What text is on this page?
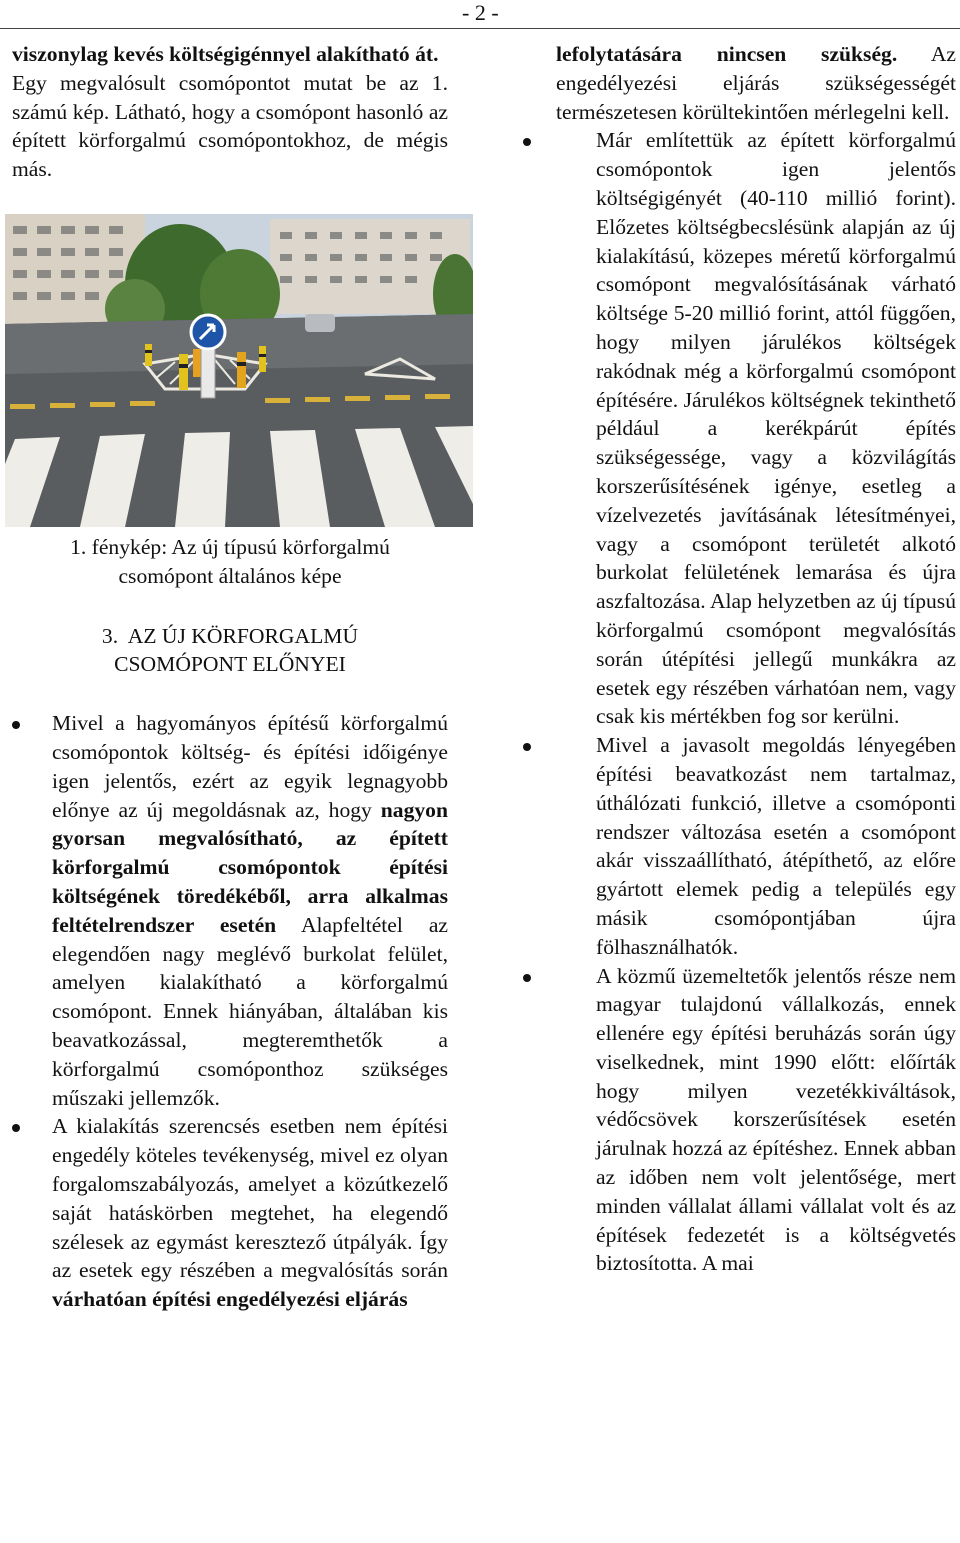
- 2 -

viszonylag kevés költségigénnyel alakítható át.
Egy megvalósult csomópontot mutat be az 1. számú kép. Látható, hogy a csomópont hasonló az épített körforgalmú csomópontokhoz, de mégis más.

1. fénykép: Az új típusú körforgalmú
csomópont általános képe
3.  AZ ÚJ KÖRFORGALMÚ
CSOMÓPONT ELŐNYEI
Mivel a hagyományos építésű körforgalmú csomópontok költség- és építési időigénye igen jelentős, ezért az egyik legnagyobb előnye az új megoldásnak az, hogy nagyon gyorsan megvalósítható, az épített körforgalmú csomópontok építési költségének töredékéből, arra alkalmas feltételrendszer esetén Alapfeltétel az elegendően nagy meglévő burkolat felület, amelyen kialakítható a körforgalmú csomópont. Ennek hiányában, általában kis beavatkozással, megteremthetők a körforgalmú csomóponthoz szükséges műszaki jellemzők.
A kialakítás szerencsés esetben nem építési engedély köteles tevékenység, mivel ez olyan forgalomszabályozás, amelyet a közútkezelő saját hatáskörben megtehet, ha elegendő szélesek az egymást keresztező útpályák. Így az esetek egy részében a megvalósítás során várhatóan építési engedélyezési eljárás

lefolytatására nincsen szükség. Az engedélyezési eljárás szükségességét természetesen körültekintően mérlegelni kell.

Már említettük az épített körforgalmú csomópontok igen jelentős költségigényét (40-110 millió forint). Előzetes költségbecslésünk alapján az új kialakítású, közepes méretű körforgalmú csomópont megvalósításának várható költsége 5-20 millió forint, attól függően, hogy milyen járulékos költségek rakódnak még a körforgalmú csomópont építésére. Járulékos költségnek tekinthető például a kerékpárút építés szükségessége, vagy a közvilágítás korszerűsítésének igénye, esetleg a vízelvezetés javításának létesítményei, vagy a csomópont területét alkotó burkolat felületének lemarása és újra aszfaltozása. Alap helyzetben az új típusú körforgalmú csomópont megvalósítás során útépítési jellegű munkákra az esetek egy részében várhatóan nem, vagy csak kis mértékben fog sor kerülni.
Mivel a javasolt megoldás lényegében építési beavatkozást nem tartalmaz, úthálózati funkció, illetve a csomóponti rendszer változása esetén a csomópont akár visszaállítható, átépíthető, az előre gyártott elemek pedig a település egy másik csomópontjában újra fölhasználhatók.
A közmű üzemeltetők jelentős része nem magyar tulajdonú vállalkozás, ennek ellenére egy építési beruházás során úgy viselkednek, mint 1990 előtt: előírták hogy milyen vezetékkiváltások, védőcsövek korszerűsítések esetén járulnak hozzá az építéshez. Ennek abban az időben nem volt jelentősége, mert minden vállalat állami vállalat volt és az építések fedezetét is a költségvetés biztosította. A mai
